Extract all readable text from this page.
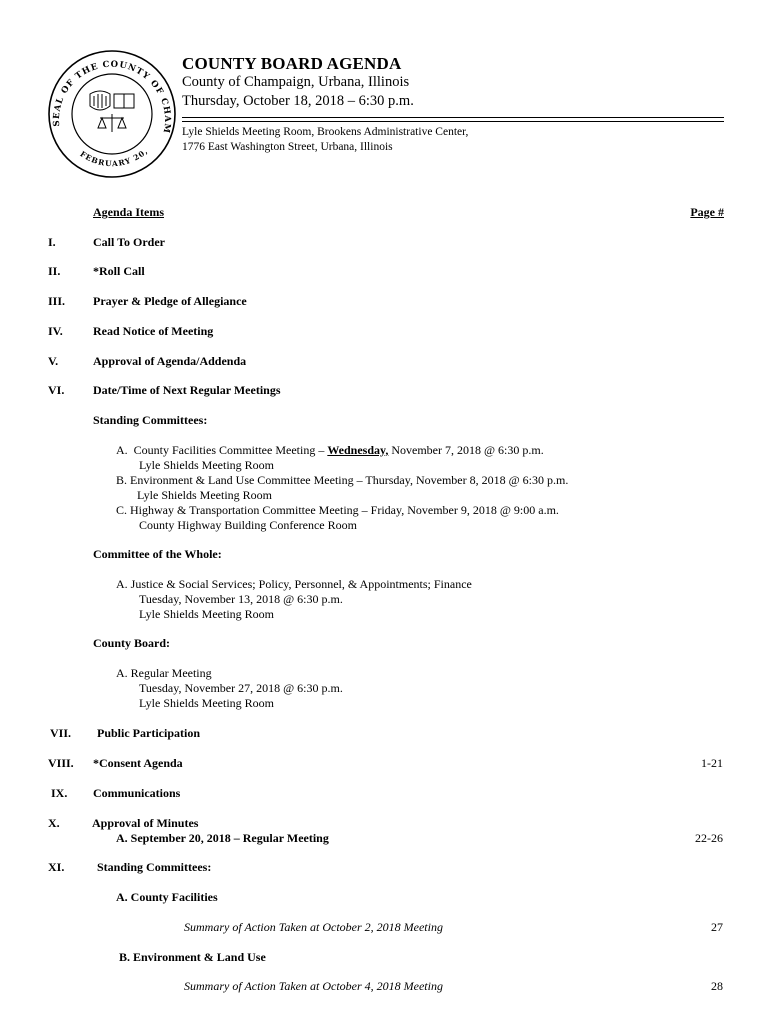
SEAL OF THE COUNTY OF CHAM
FEBRUARY 20,
COUNTY BOARD AGENDA
County of Champaign, Urbana, Illinois
Thursday, October 18, 2018 – 6:30 p.m.
Lyle Shields Meeting Room, Brookens Administrative Center,
1776 East Washington Street, Urbana, Illinois
Agenda Items	Page #
I.	Call To Order
II.	*Roll Call
III. Prayer & Pledge of Allegiance
IV.	Read Notice of Meeting
V.	Approval of Agenda/Addenda
VI. Date/Time of Next Regular Meetings
Standing Committees:
A. County Facilities Committee Meeting – Wednesday, November 7, 2018 @ 6:30 p.m.
Lyle Shields Meeting Room
B. Environment & Land Use Committee Meeting – Thursday, November 8, 2018 @ 6:30 p.m.
Lyle Shields Meeting Room
C. Highway & Transportation Committee Meeting – Friday, November 9, 2018 @ 9:00 a.m.
County Highway Building Conference Room
Committee of the Whole:
A. Justice & Social Services; Policy, Personnel, & Appointments; Finance
Tuesday, November 13, 2018 @ 6:30 p.m.
Lyle Shields Meeting Room
County Board:
A. Regular Meeting
Tuesday, November 27, 2018 @ 6:30 p.m.
Lyle Shields Meeting Room
VII. Public Participation
VIII. *Consent Agenda	1-21
IX. Communications
X.	Approval of Minutes
A. September 20, 2018 – Regular Meeting	22-26
XI.	Standing Committees:
A. County Facilities
Summary of Action Taken at October 2, 2018 Meeting	27
B. Environment & Land Use
Summary of Action Taken at October 4, 2018 Meeting	28
